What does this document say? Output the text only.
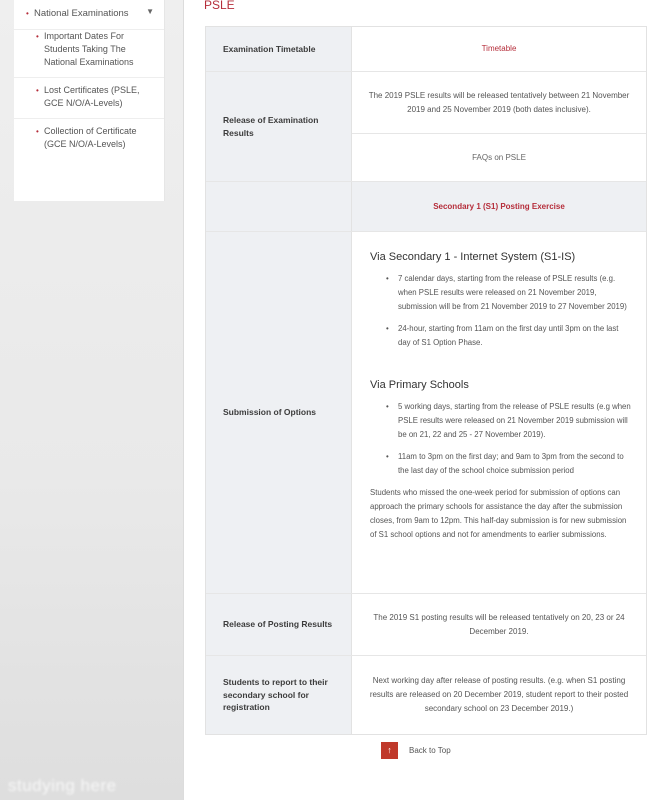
studying here
• National Examinations ▼
• Important Dates For Students Taking The National Examinations
• Lost Certificates (PSLE, GCE N/O/A-Levels)
• Collection of Certificate (GCE N/O/A-Levels)
PSLE
Examination Timetable	Timetable
Release of Examination Results
The 2019 PSLE results will be released tentatively between 21 November 2019 and 25 November 2019 (both dates inclusive).
FAQs on PSLE
Secondary 1 (S1) Posting Exercise
Submission of Options
Via Secondary 1 - Internet System (S1-IS)
• 7 calendar days, starting from the release of PSLE results (e.g. when PSLE results were released on 21 November 2019, submission will be from 21 November 2019 to 27 November 2019)
• 24-hour, starting from 11am on the first day until 3pm on the last day of S1 Option Phase.
Via Primary Schools
• 5 working days, starting from the release of PSLE results (e.g when PSLE results were released on 21 November 2019 submission will be on 21, 22 and 25 - 27 November 2019).
• 11am to 3pm on the first day; and 9am to 3pm from the second to the last day of the school choice submission period

Students who missed the one-week period for submission of options can approach the primary schools for assistance the day after the submission closes, from 9am to 12pm. This half-day submission is for new submission of S1 school options and not for amendments to earlier submissions.

Release of Posting Results
The 2019 S1 posting results will be released tentatively on 20, 23 or 24 December 2019.
Students to report to their secondary school for registration
Next working day after release of posting results. (e.g. when S1 posting results are released on 20 December 2019, student report to their posted secondary school on 23 December 2019.)
↑	Back to Top
